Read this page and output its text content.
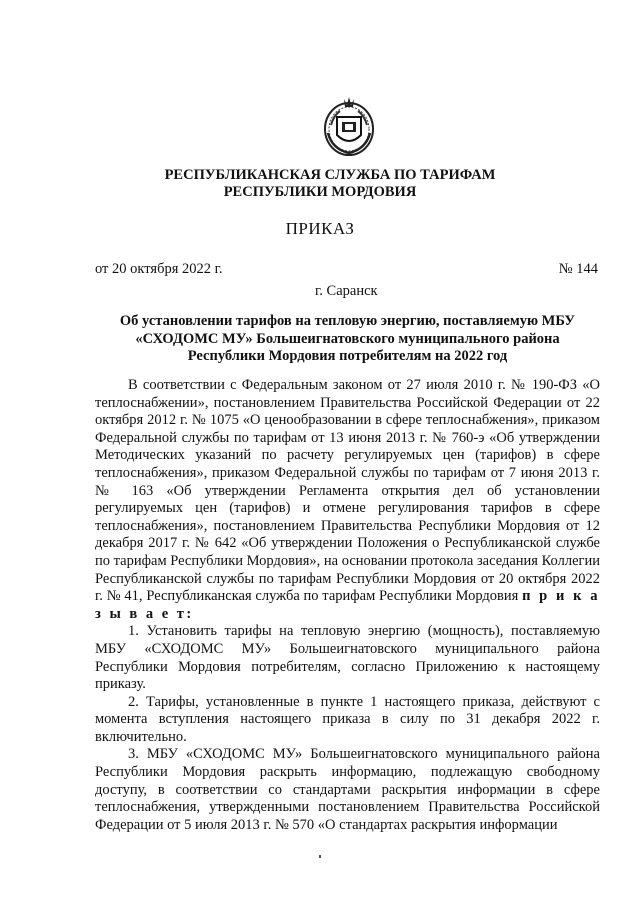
РЕСПУБЛИКАНСКАЯ СЛУЖБА ПО ТАРИФАМ
РЕСПУБЛИКИ МОРДОВИЯ
ПРИКАЗ
от 20 октября 2022 г.	№ 144
г. Саранск
Об установлении тарифов на тепловую энергию, поставляемую МБУ «СХОДОМС МУ» Большеигнатовского муниципального района Республики Мордовия потребителям на 2022 год

В соответствии с Федеральным законом от 27 июля 2010 г. № 190-ФЗ «О теплоснабжении», постановлением Правительства Российской Федерации от 22 октября 2012 г. № 1075 «О ценообразовании в сфере теплоснабжения», приказом Федеральной службы по тарифам от 13 июня 2013 г. № 760-э «Об утверждении Методических указаний по расчету регулируемых цен (тарифов) в сфере теплоснабжения», приказом Федеральной службы по тарифам от 7 июня 2013 г. № 163 «Об утверждении Регламента открытия дел об установлении регулируемых цен (тарифов) и отмене регулирования тарифов в сфере теплоснабжения», постановлением Правительства Республики Мордовия от 12 декабря 2017 г. № 642 «Об утверждении Положения о Республиканской службе по тарифам Республики Мордовия», на основании протокола заседания Коллегии Республиканской службы по тарифам Республики Мордовия от 20 октября 2022 г. № 41, Республиканская служба по тарифам Республики Мордовия п р и к а з ы в а е т:

1. Установить тарифы на тепловую энергию (мощность), поставляемую МБУ «СХОДОМС МУ» Большеигнатовского муниципального района Республики Мордовия потребителям, согласно Приложению к настоящему приказу.

2. Тарифы, установленные в пункте 1 настоящего приказа, действуют с момента вступления настоящего приказа в силу по 31 декабря 2022 г. включительно.

3. МБУ «СХОДОМС МУ» Большеигнатовского муниципального района Республики Мордовия раскрыть информацию, подлежащую свободному доступу, в соответствии со стандартами раскрытия информации в сфере теплоснабжения, утвержденными постановлением Правительства Российской Федерации от 5 июля 2013 г. № 570 «О стандартах раскрытия информации
